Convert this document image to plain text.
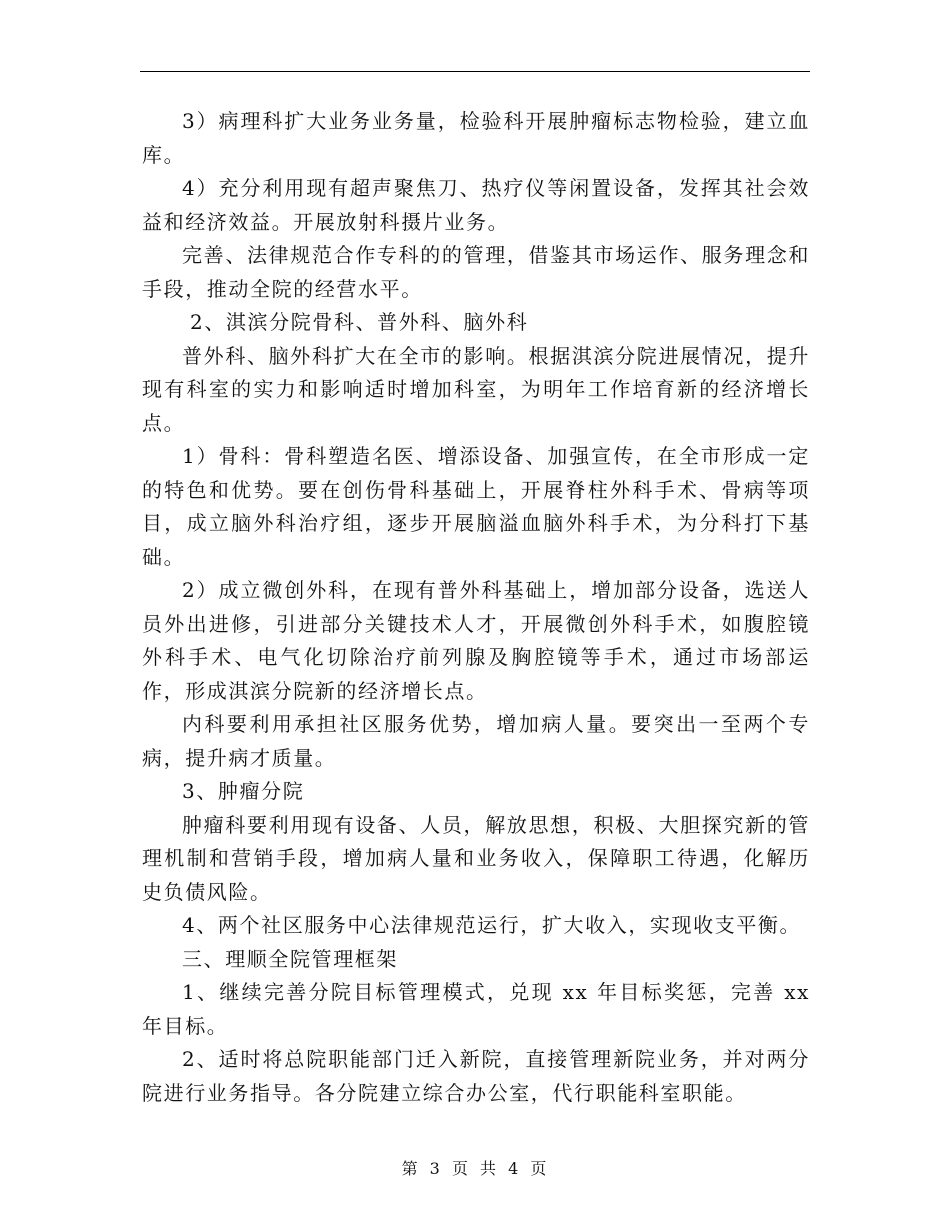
3）病理科扩大业务业务量，检验科开展肿瘤标志物检验，建立血库。

4）充分利用现有超声聚焦刀、热疗仪等闲置设备，发挥其社会效益和经济效益。开展放射科摄片业务。

完善、法律规范合作专科的的管理，借鉴其市场运作、服务理念和手段，推动全院的经营水平。

2、淇滨分院骨科、普外科、脑外科

普外科、脑外科扩大在全市的影响。根据淇滨分院进展情况，提升现有科室的实力和影响适时增加科室，为明年工作培育新的经济增长点。

1）骨科：骨科塑造名医、增添设备、加强宣传，在全市形成一定的特色和优势。要在创伤骨科基础上，开展脊柱外科手术、骨病等项目，成立脑外科治疗组，逐步开展脑溢血脑外科手术，为分科打下基础。

2）成立微创外科，在现有普外科基础上，增加部分设备，选送人员外出进修，引进部分关键技术人才，开展微创外科手术，如腹腔镜外科手术、电气化切除治疗前列腺及胸腔镜等手术，通过市场部运作，形成淇滨分院新的经济增长点。

内科要利用承担社区服务优势，增加病人量。要突出一至两个专病，提升病才质量。

3、肿瘤分院

肿瘤科要利用现有设备、人员，解放思想，积极、大胆探究新的管理机制和营销手段，增加病人量和业务收入，保障职工待遇，化解历史负债风险。

4、两个社区服务中心法律规范运行，扩大收入，实现收支平衡。

三、理顺全院管理框架

1、继续完善分院目标管理模式，兑现 xx 年目标奖惩，完善 xx 年目标。

2、适时将总院职能部门迁入新院，直接管理新院业务，并对两分院进行业务指导。各分院建立综合办公室，代行职能科室职能。

第 3 页 共 4 页
